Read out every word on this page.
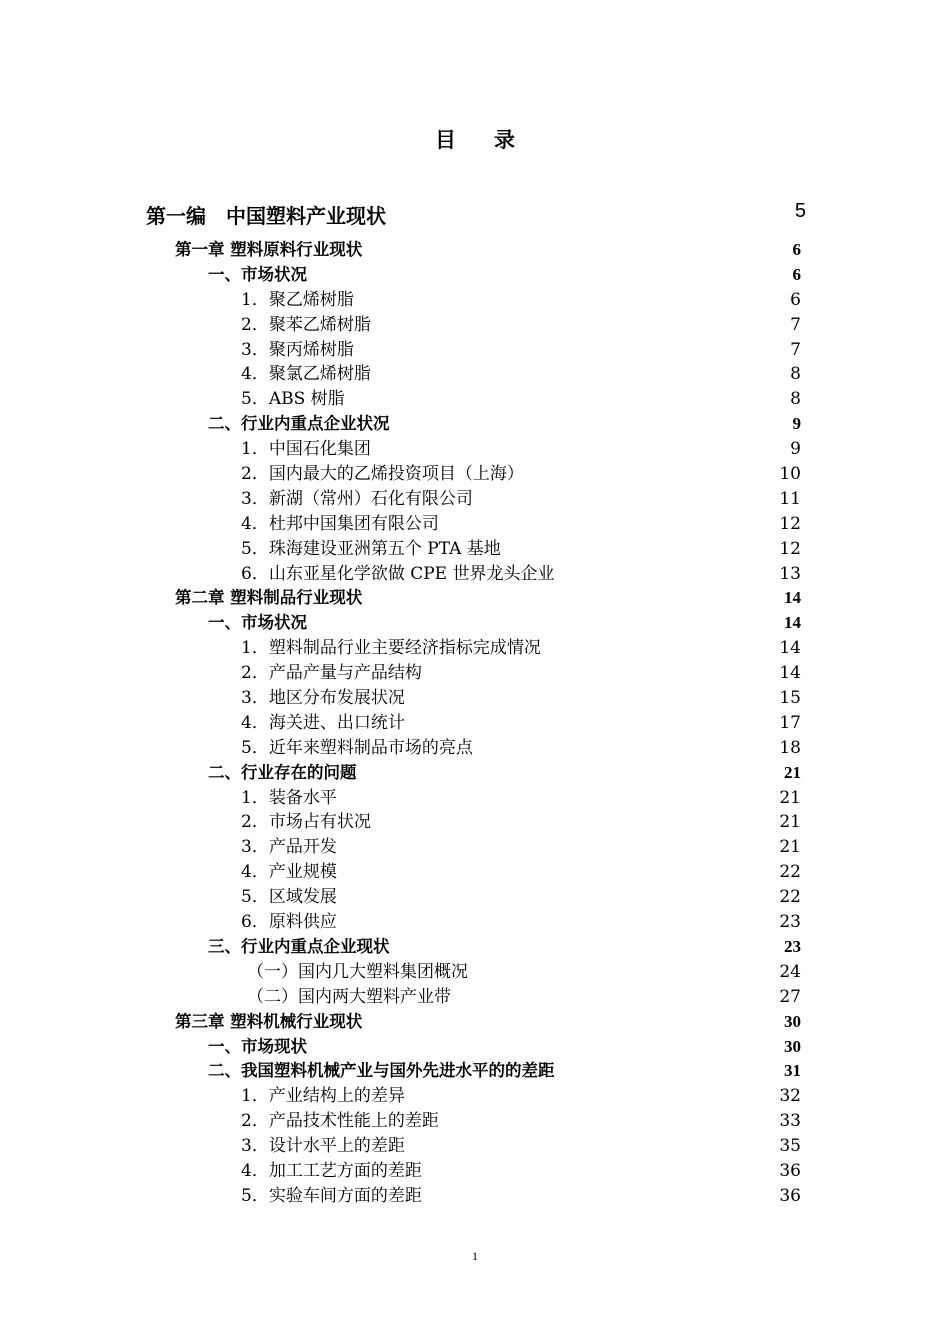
目录
第一编　中国塑料产业现状	5
第一章 塑料原料行业现状	6
一、市场状况	6
1．聚乙烯树脂	6
2．聚苯乙烯树脂	7
3．聚丙烯树脂	7
4．聚氯乙烯树脂	8
5．ABS 树脂	8
二、行业内重点企业状况	9
1．中国石化集团	9
2．国内最大的乙烯投资项目（上海）	10
3．新湖（常州）石化有限公司	11
4．杜邦中国集团有限公司	12
5．珠海建设亚洲第五个 PTA 基地	12
6．山东亚星化学欲做 CPE 世界龙头企业	13
第二章 塑料制品行业现状	14
一、市场状况	14
1．塑料制品行业主要经济指标完成情况	14
2．产品产量与产品结构	14
3．地区分布发展状况	15
4．海关进、出口统计	17
5．近年来塑料制品市场的亮点	18
二、行业存在的问题	21
1．装备水平	21
2．市场占有状况	21
3．产品开发	21
4．产业规模	22
5．区域发展	22
6．原料供应	23
三、行业内重点企业现状	23
（一）国内几大塑料集团概况	24
（二）国内两大塑料产业带	27
第三章 塑料机械行业现状	30
一、市场现状	30
二、我国塑料机械产业与国外先进水平的的差距	31
1．产业结构上的差异	32
2．产品技术性能上的差距	33
3．设计水平上的差距	35
4．加工工艺方面的差距	36
5．实验车间方面的差距	36
1
